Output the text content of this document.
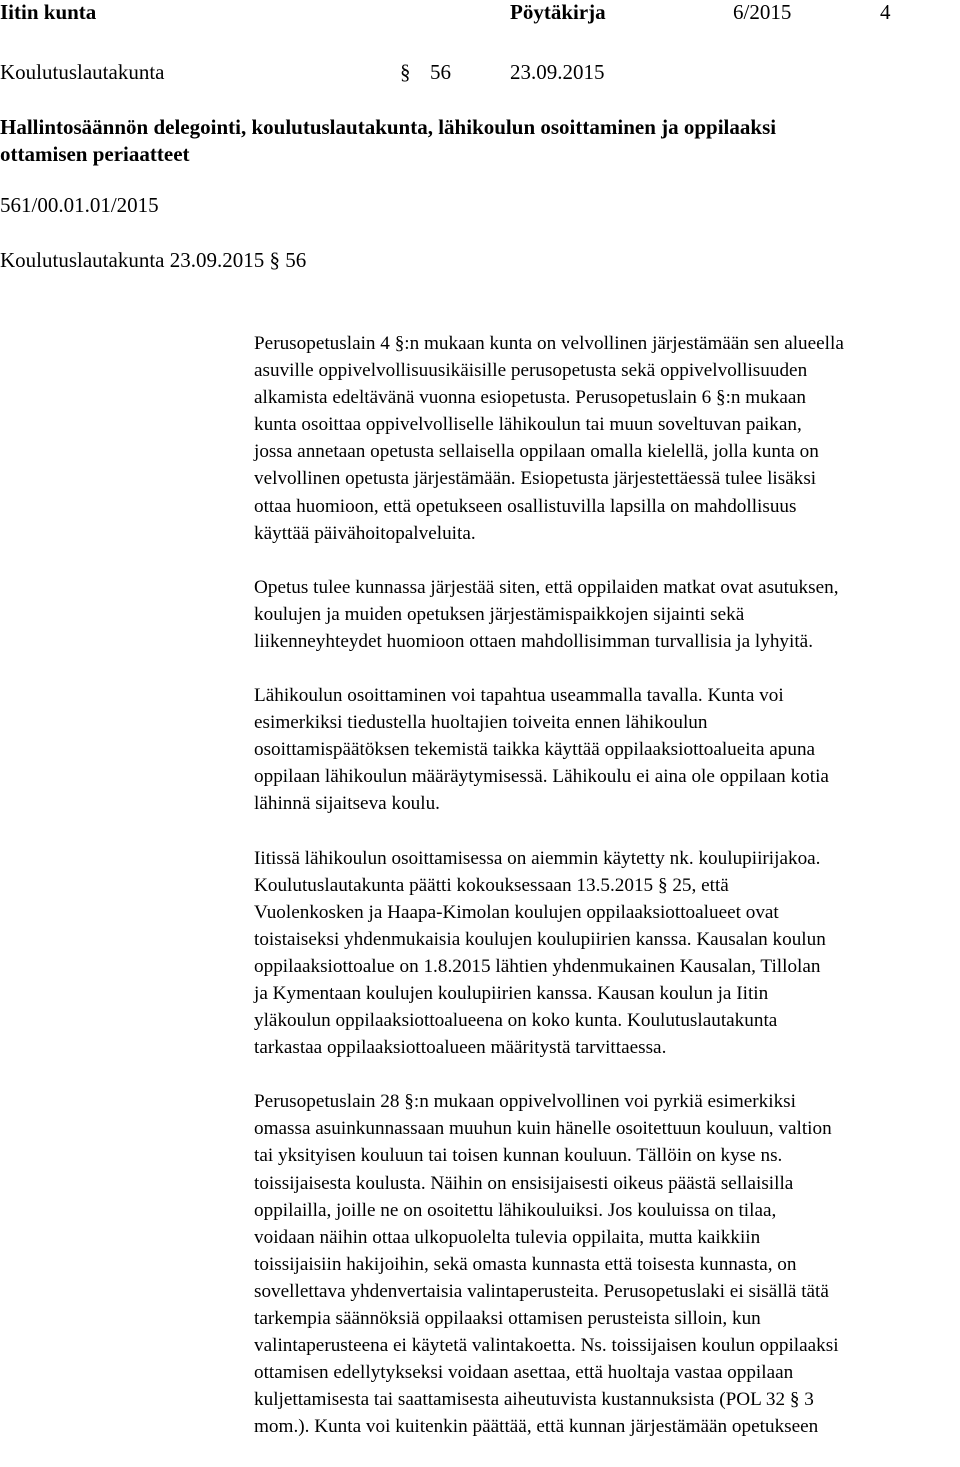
Iitin kunta	Pöytäkirja	6/2015	4
Koulutuslautakunta	§ 56	23.09.2015
Hallintosäännön delegointi, koulutuslautakunta, lähikoulun osoittaminen ja oppilaaksi
ottamisen periaatteet
561/00.01.01/2015
Koulutuslautakunta 23.09.2015 § 56

Perusopetuslain 4 §:n mukaan kunta on velvollinen järjestämään sen alueella
asuville oppivelvollisuusikäisille perusopetusta sekä oppivelvollisuuden
alkamista edeltävänä vuonna esiopetusta. Perusopetuslain 6 §:n mukaan
kunta osoittaa oppivelvolliselle lähikoulun tai muun soveltuvan paikan,
jossa annetaan opetusta sellaisella oppilaan omalla kielellä, jolla kunta on
velvollinen opetusta järjestämään. Esiopetusta järjestettäessä tulee lisäksi
ottaa huomioon, että opetukseen osallistuvilla lapsilla on mahdollisuus
käyttää päivähoitopalveluita.

Opetus tulee kunnassa järjestää siten, että oppilaiden matkat ovat asutuksen,
koulujen ja muiden opetuksen järjestämispaikkojen sijainti sekä
liikenneyhteydet huomioon ottaen mahdollisimman turvallisia ja lyhyitä.

Lähikoulun osoittaminen voi tapahtua useammalla tavalla. Kunta voi
esimerkiksi tiedustella huoltajien toiveita ennen lähikoulun
osoittamispäätöksen tekemistä taikka käyttää oppilaaksiottoalueita apuna
oppilaan lähikoulun määräytymisessä. Lähikoulu ei aina ole oppilaan kotia
lähinnä sijaitseva koulu.

Iitissä lähikoulun osoittamisessa on aiemmin käytetty nk. koulupiirijakoa.
Koulutuslautakunta päätti kokouksessaan 13.5.2015 § 25, että
Vuolenkosken ja Haapa-Kimolan koulujen oppilaaksiottoalueet ovat
toistaiseksi yhdenmukaisia koulujen koulupiirien kanssa. Kausalan koulun
oppilaaksiottoalue on 1.8.2015 lähtien yhdenmukainen Kausalan, Tillolan
ja Kymentaan koulujen koulupiirien kanssa. Kausan koulun ja Iitin
yläkoulun oppilaaksiottoalueena on koko kunta. Koulutuslautakunta
tarkastaa oppilaaksiottoalueen määritystä tarvittaessa.

Perusopetuslain 28 §:n mukaan oppivelvollinen voi pyrkiä esimerkiksi
omassa asuinkunnassaan muuhun kuin hänelle osoitettuun kouluun, valtion
tai yksityisen kouluun tai toisen kunnan kouluun. Tällöin on kyse ns.
toissijaisesta koulusta. Näihin on ensisijaisesti oikeus päästä sellaisilla
oppilailla, joille ne on osoitettu lähikouluiksi. Jos kouluissa on tilaa,
voidaan näihin ottaa ulkopuolelta tulevia oppilaita, mutta kaikkiin
toissijaisiin hakijoihin, sekä omasta kunnasta että toisesta kunnasta, on
sovellettava yhdenvertaisia valintaperusteita. Perusopetuslaki ei sisällä tätä
tarkempia säännöksiä oppilaaksi ottamisen perusteista silloin, kun
valintaperusteena ei käytetä valintakoetta. Ns. toissijaisen koulun oppilaaksi
ottamisen edellytykseksi voidaan asettaa, että huoltaja vastaa oppilaan
kuljettamisesta tai saattamisesta aiheutuvista kustannuksista (POL 32 § 3
mom.). Kunta voi kuitenkin päättää, että kunnan järjestämään opetukseen
